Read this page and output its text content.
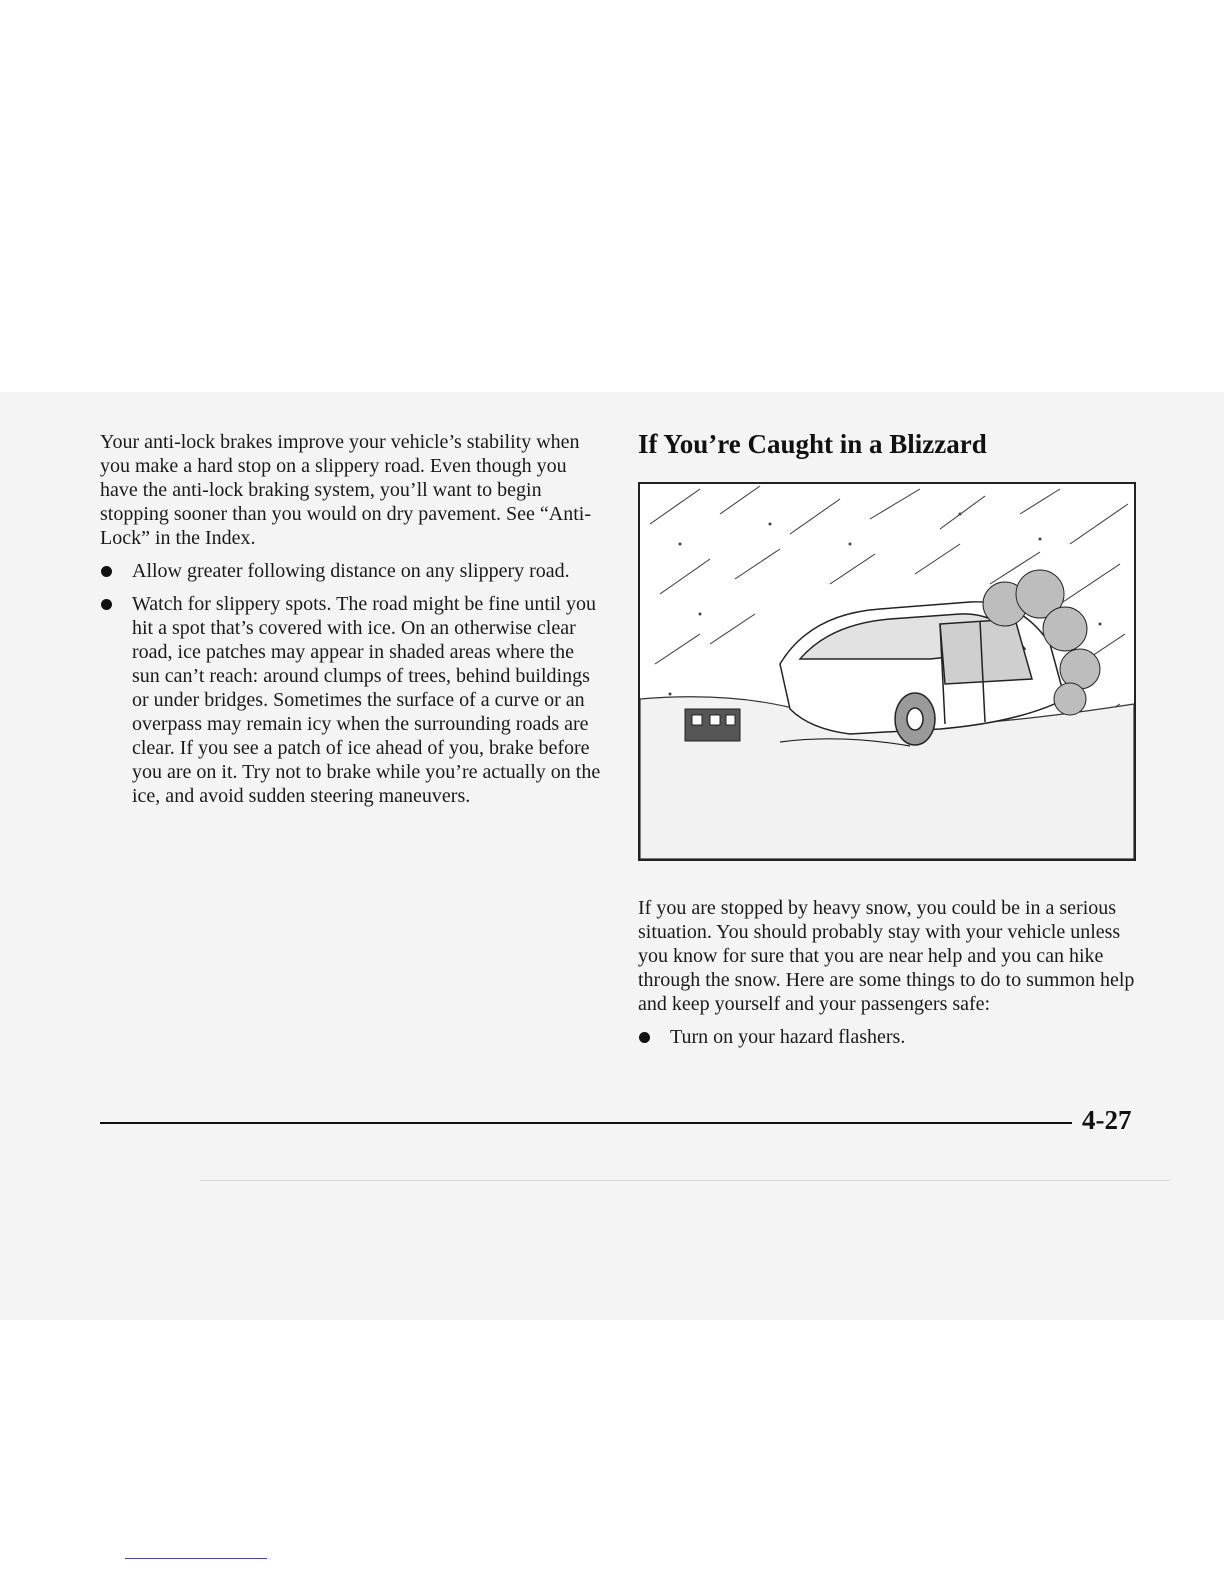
Your anti-lock brakes improve your vehicle’s stability when you make a hard stop on a slippery road. Even though you have the anti-lock braking system, you’ll want to begin stopping sooner than you would on dry pavement. See “Anti-Lock” in the Index.

Allow greater following distance on any slippery road.
Watch for slippery spots. The road might be fine until you hit a spot that’s covered with ice. On an otherwise clear road, ice patches may appear in shaded areas where the sun can’t reach: around clumps of trees, behind buildings or under bridges. Sometimes the surface of a curve or an overpass may remain icy when the surrounding roads are clear. If you see a patch of ice ahead of you, brake before you are on it. Try not to brake while you’re actually on the ice, and avoid sudden steering maneuvers.
If You’re Caught in a Blizzard

If you are stopped by heavy snow, you could be in a serious situation. You should probably stay with your vehicle unless you know for sure that you are near help and you can hike through the snow. Here are some things to do to summon help and keep yourself and your passengers safe:

Turn on your hazard flashers.
4-27
